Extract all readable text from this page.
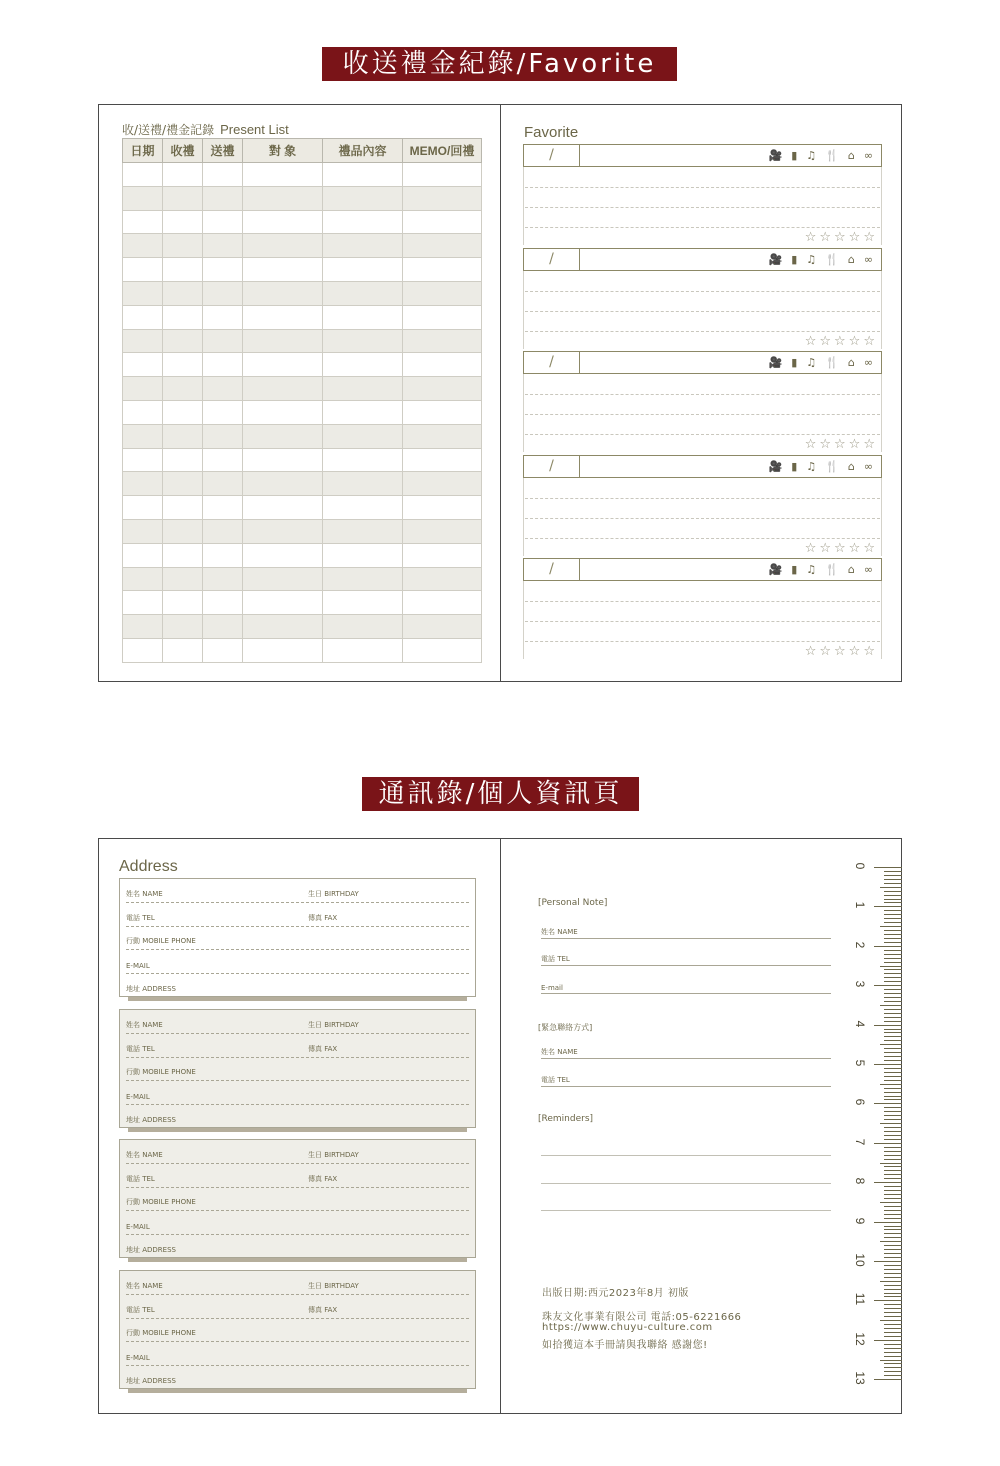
收送禮金紀錄/Favorite
收/送禮/禮金記錄 Present List
日期	收禮	送禮	對 象	禮品內容	MEMO/回禮

Favorite
/	🎥 ▮ ♫ 🍴 ⌂ ∞
☆☆☆☆☆
/	🎥 ▮ ♫ 🍴 ⌂ ∞
☆☆☆☆☆
/	🎥 ▮ ♫ 🍴 ⌂ ∞
☆☆☆☆☆
/	🎥 ▮ ♫ 🍴 ⌂ ∞
☆☆☆☆☆
/	🎥 ▮ ♫ 🍴 ⌂ ∞
☆☆☆☆☆
通訊錄/個人資訊頁
Address
姓名 NAME	生日 BIRTHDAY
電話 TEL	傳真 FAX
行動 MOBILE PHONE
E-MAIL
地址 ADDRESS
姓名 NAME	生日 BIRTHDAY
電話 TEL	傳真 FAX
行動 MOBILE PHONE
E-MAIL
地址 ADDRESS
姓名 NAME	生日 BIRTHDAY
電話 TEL	傳真 FAX
行動 MOBILE PHONE
E-MAIL
地址 ADDRESS
姓名 NAME	生日 BIRTHDAY
電話 TEL	傳真 FAX
行動 MOBILE PHONE
E-MAIL
地址 ADDRESS
[Personal Note]
姓名 NAME
電話 TEL
E-mail
[緊急聯絡方式]
姓名 NAME
電話 TEL
[Reminders]
出版日期:西元2023年8月 初版
珠友文化事業有限公司 電話:05-6221666
https://www.chuyu-culture.com
如拾獲這本手冊請與我聯絡 感謝您!
0
1
2
3
4
5
6
7
8
9
10
11
12
13
